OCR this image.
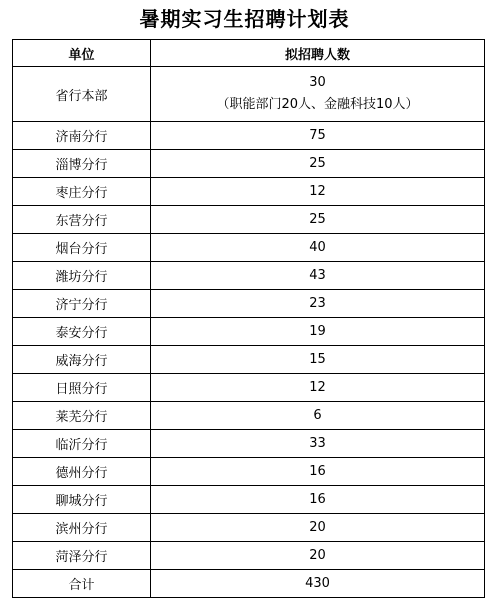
暑期实习生招聘计划表
单位	拟招聘人数
省行本部	30
（职能部门20人、金融科技10人）

济南分行	75
淄博分行	25
枣庄分行	12
东营分行	25
烟台分行	40
潍坊分行	43
济宁分行	23
泰安分行	19
威海分行	15
日照分行	12
莱芜分行	6
临沂分行	33
德州分行	16
聊城分行	16
滨州分行	20
菏泽分行	20
合计	430
